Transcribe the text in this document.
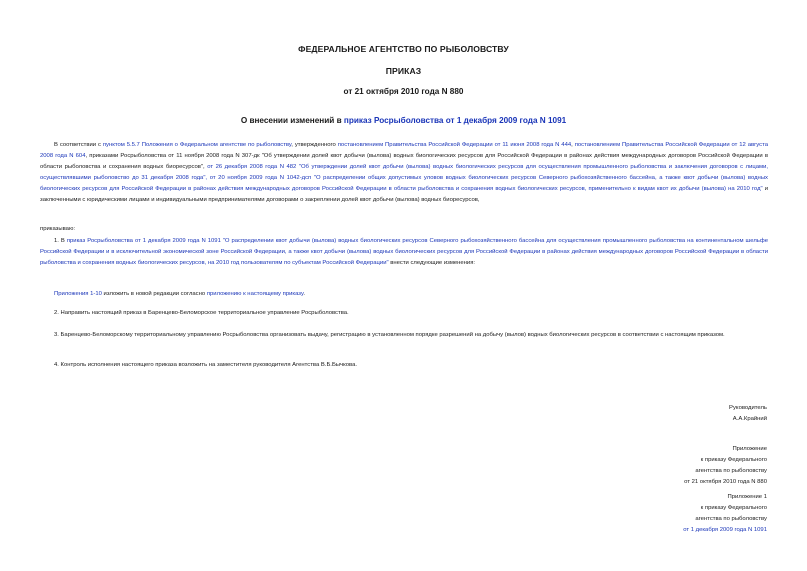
ФЕДЕРАЛЬНОЕ АГЕНТСТВО ПО РЫБОЛОВСТВУ
ПРИКАЗ
от 21 октября 2010 года N 880
О внесении изменений в приказ Росрыболовства от 1 декабря 2009 года N 1091
В соответствии с пунктом 5.5.7 Положения о Федеральном агентстве по рыболовству, утвержденного постановлением Правительства Российской Федерации от 11 июня 2008 года N 444, постановлением Правительства Российской Федерации от 12 августа 2008 года N 604, приказами Росрыболовства от 11 ноября 2008 года N 307-дк "Об утверждении долей квот добычи (вылова) водных биологических ресурсов для Российской Федерации в районах действия международных договоров Российской Федерации в области рыболовства и сохранения водных биоресурсов", от 26 декабря 2008 года N 482 "Об утверждении долей квот добычи (вылова) водных биологических ресурсов для осуществления промышленного рыболовства и заключения договоров с лицами, осуществлявшими рыболовство до 31 декабря 2008 года", от 20 ноября 2009 года N 1042-дсп "О распределении общих допустимых уловов водных биологических ресурсов Северного рыбохозяйственного бассейна, а также квот добычи (вылова) водных биологических ресурсов для Российской Федерации в районах действия международных договоров Российской Федерации в области рыболовства и сохранения водных биологических ресурсов, применительно к видам квот их добычи (вылова) на 2010 год" и заключенными с юридическими лицами и индивидуальными предпринимателями договорами о закреплении долей квот добычи (вылова) водных биоресурсов,
приказываю:
1. В приказ Росрыболовства от 1 декабря 2009 года N 1091 "О распределении квот добычи (вылова) водных биологических ресурсов Северного рыбохозяйственного бассейна для осуществления промышленного рыболовства на континентальном шельфе Российской Федерации и в исключительной экономической зоне Российской Федерации, а также квот добычи (вылова) водных биологических ресурсов для Российской Федерации в районах действия международных договоров Российской Федерации в области рыболовства и сохранения водных биологических ресурсов, на 2010 год пользователям по субъектам Российской Федерации" внести следующие изменения:
Приложения 1-10 изложить в новой редакции согласно приложению к настоящему приказу.
2. Направить настоящий приказ в Баренцево-Беломорское территориальное управление Росрыболовства.
3. Баренцево-Беломорскому территориальному управлению Росрыболовства организовать выдачу, регистрацию в установленном порядке разрешений на добычу (вылов) водных биологических ресурсов в соответствии с настоящим приказом.
4. Контроль исполнения настоящего приказа возложить на заместителя руководителя Агентства В.Б.Бычкова.
Руководитель
А.А.Крайний
Приложение
к приказу Федерального
агентства по рыболовству
от 21 октября 2010 года N 880
Приложение 1
к приказу Федерального
агентства по рыболовству
от 1 декабря 2009 года N 1091
